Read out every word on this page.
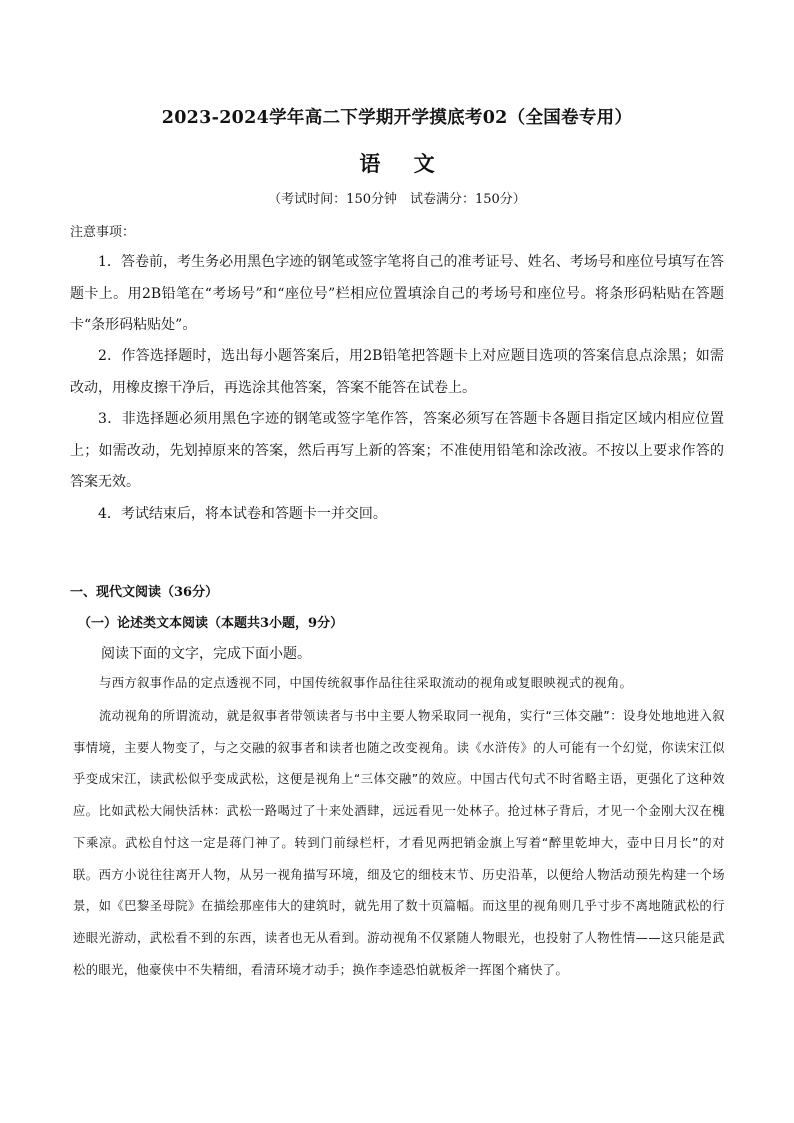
2023-2024学年高二下学期开学摸底考02（全国卷专用）
语 文
（考试时间：150分钟　试卷满分：150分）
注意事项：
1．答卷前，考生务必用黑色字迹的钢笔或签字笔将自己的准考证号、姓名、考场号和座位号填写在答题卡上。用2B铅笔在“考场号”和“座位号”栏相应位置填涂自己的考场号和座位号。将条形码粘贴在答题卡“条形码粘贴处”。
2．作答选择题时，选出每小题答案后，用2B铅笔把答题卡上对应题目选项的答案信息点涂黑；如需改动，用橡皮擦干净后，再选涂其他答案，答案不能答在试卷上。
3．非选择题必须用黑色字迹的钢笔或签字笔作答，答案必须写在答题卡各题目指定区域内相应位置上；如需改动，先划掉原来的答案，然后再写上新的答案；不准使用铅笔和涂改液。不按以上要求作答的答案无效。
4．考试结束后，将本试卷和答题卡一并交回。
一、现代文阅读（36分）
（一）论述类文本阅读（本题共3小题，9分）
阅读下面的文字，完成下面小题。
与西方叙事作品的定点透视不同，中国传统叙事作品往往采取流动的视角或复眼映视式的视角。
流动视角的所谓流动，就是叙事者带领读者与书中主要人物采取同一视角，实行“三体交融”：设身处地地进入叙事情境，主要人物变了，与之交融的叙事者和读者也随之改变视角。读《水浒传》的人可能有一个幻觉，你读宋江似乎变成宋江，读武松似乎变成武松，这便是视角上“三体交融”的效应。中国古代句式不时省略主语，更强化了这种效应。比如武松大闹快活林：武松一路喝过了十来处酒肆，远远看见一处林子。抢过林子背后，才见一个金刚大汉在槐下乘凉。武松自忖这一定是蒋门神了。转到门前绿栏杆，才看见两把销金旗上写着“醉里乾坤大，壶中日月长”的对联。西方小说往往离开人物，从另一视角描写环境，细及它的细枝末节、历史沿革，以便给人物活动预先构建一个场景，如《巴黎圣母院》在描绘那座伟大的建筑时，就先用了数十页篇幅。而这里的视角则几乎寸步不离地随武松的行迹眼光游动，武松看不到的东西，读者也无从看到。游动视角不仅紧随人物眼光，也投射了人物性情——这只能是武松的眼光，他豪侠中不失精细，看清环境才动手；换作李逵恐怕就板斧一挥图个痛快了。
